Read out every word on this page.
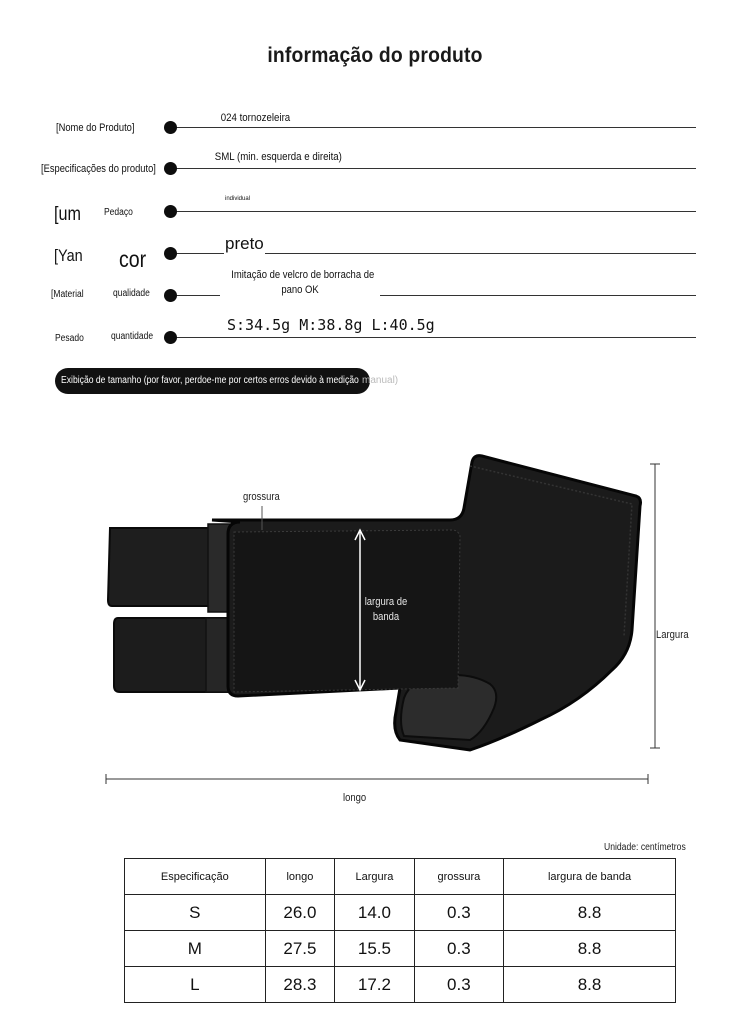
informação do produto
[Nome do Produto]
024 tornozeleira
[Especificações do produto]
SML (min. esquerda e direita)
[um Pedaço
individual
[Yan cor
preto
[Material	qualidade
Imitação de velcro de borracha de
pano OK
Pesado	quantidade
S:34.5g M:38.8g L:40.5g
Exibição de tamanho (por favor, perdoe-me por certos erros devido à medição manual)
grossura
largura de
banda
Largura
longo
Unidade: centímetros
Especificação	longo	Largura	grossura	largura de banda
S	26.0	14.0	0.3	8.8
M	27.5	15.5	0.3	8.8
L	28.3	17.2	0.3	8.8
